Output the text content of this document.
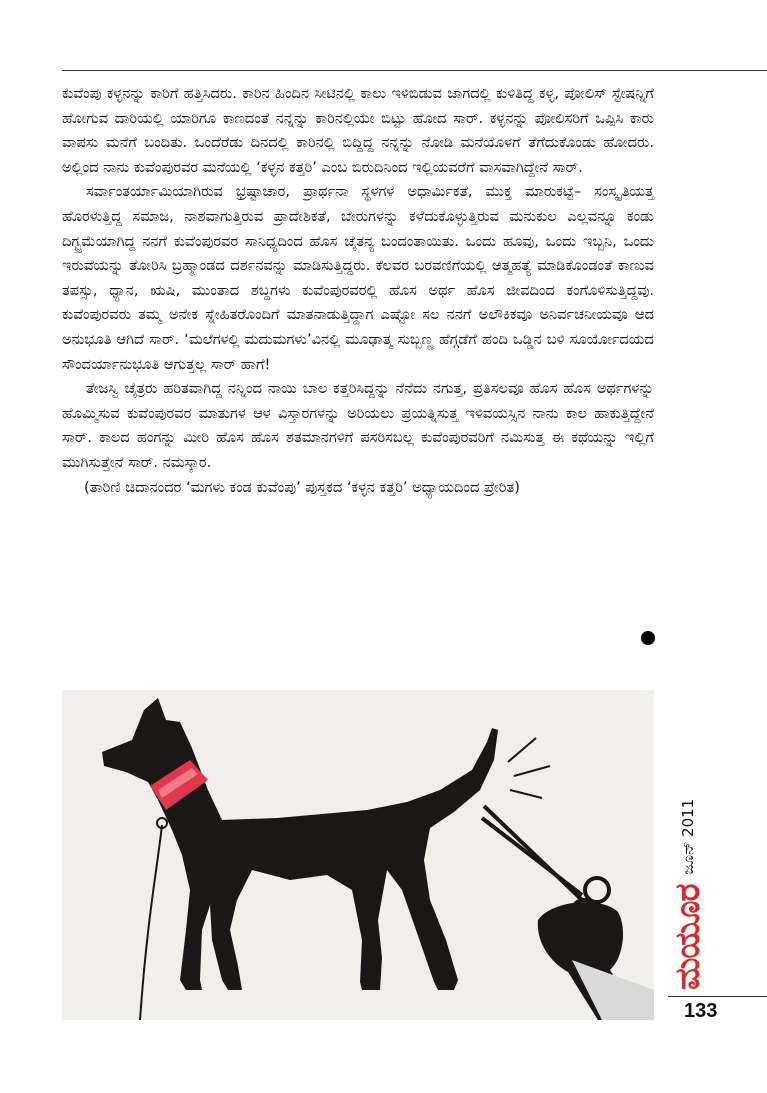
ಕುವೆಂಪು ಕಳ್ಳನನ್ನು ಕಾರಿಗೆ ಹತ್ತಿಸಿದರು. ಕಾರಿನ ಹಿಂದಿನ ಸೀಟಿನಲ್ಲಿ ಕಾಲು ಇಳಿಬಿಡುವ ಜಾಗದಲ್ಲಿ ಕುಳಿತಿದ್ದ ಕಳ್ಳ, ಪೋಲಿಸ್ ಸ್ಟೇಷನ್ನಿಗೆ ಹೋಗುವ ದಾರಿಯಲ್ಲಿ ಯಾರಿಗೂ ಕಾಣದಂತೆ ನನ್ನನ್ನು ಕಾರಿನಲ್ಲಿಯೇ ಬಿಟ್ಟು ಹೋದ ಸಾರ್. ಕಳ್ಳನನ್ನು ಪೋಲಿಸರಿಗೆ ಒಪ್ಪಿಸಿ ಕಾರು ವಾಪಸು ಮನೆಗೆ ಬಂದಿತು. ಒಂದೆರೆಡು ದಿನದಲ್ಲಿ ಕಾರಿನಲ್ಲಿ ಬಿದ್ದಿದ್ದ ನನ್ನನ್ನು ನೋಡಿ ಮನೆಯೊಳಗೆ ತೆಗೆದುಕೊಂಡು ಹೋದರು. ಅಲ್ಲಿಂದ ನಾನು ಕುವೆಂಪುರವರ ಮನೆಯಲ್ಲಿ ‘ಕಳ್ಳನ ಕತ್ತರಿ’ ಎಂಬ ಬಿರುದಿನಿಂದ ಇಲ್ಲಿಯವರೆಗೆ ವಾಸವಾಗಿದ್ದೇನೆ ಸಾರ್.

ಸರ್ವಾಂತರ್ಯಾಮಿಯಾಗಿರುವ ಭ್ರಷ್ಟಾಚಾರ, ಪ್ರಾರ್ಥನಾ ಸ್ಥಳಗಳ ಅಧಾರ್ಮಿಕತೆ, ಮುಕ್ತ ಮಾರುಕಟ್ಟೆ– ಸಂಸ್ಕೃತಿಯತ್ತ ಹೊರಳುತ್ತಿದ್ದ ಸಮಾಜ, ನಾಶವಾಗುತ್ತಿರುವ ಪ್ರಾದೇಶಿಕತೆ, ಬೇರುಗಳನ್ನು ಕಳೆದುಕೊಳ್ಳುತ್ತಿರುವ ಮನುಕುಲ ಎಲ್ಲವನ್ನೂ ಕಂಡು ದಿಗ್ಭ್ರಮೆಯಾಗಿದ್ದ ನನಗೆ ಕುವೆಂಪುರವರ ಸಾನಿಧ್ಯದಿಂದ ಹೊಸ ಚೈತನ್ಯ ಬಂದಂತಾಯಿತು. ಒಂದು ಹೂವು, ಒಂದು ಇಬ್ಬನಿ, ಒಂದು ಇರುವೆಯನ್ನು ತೋರಿಸಿ ಬ್ರಹ್ಮಾಂಡದ ದರ್ಶನವನ್ನು ಮಾಡಿಸುತ್ತಿದ್ದರು. ಕೆಲವರ ಬರವಣಿಗೆಯಲ್ಲಿ ಆತ್ಮಹತ್ಯೆ ಮಾಡಿಕೊಂಡಂತೆ ಕಾಣುವ ತಪಸ್ಸು, ಧ್ಯಾನ, ಋಷಿ, ಮುಂತಾದ ಶಬ್ದಗಳು ಕುವೆಂಪುರವರಲ್ಲಿ ಹೊಸ ಅರ್ಥ ಹೊಸ ಜೀವದಿಂದ ಕಂಗೊಳಿಸುತ್ತಿದ್ದವು. ಕುವೆಂಪುರವರು ತಮ್ಮ ಅನೇಕ ಸ್ನೇಹಿತರೊಂದಿಗೆ ಮಾತನಾಡುತ್ತಿದ್ದಾಗ ಎಷ್ಟೋ ಸಲ ನನಗೆ ಅಲೌಕಿಕವೂ ಅನಿರ್ವಚನೀಯವೂ ಆದ ಅನುಭೂತಿ ಆಗಿದೆ ಸಾರ್. ‘ಮಲೆಗಳಲ್ಲಿ ಮದುಮಗಳು’ವಿನಲ್ಲಿ ಮೂಢಾತ್ಮ ಸುಬ್ಬಣ್ಣ ಹೆಗ್ಗಡೆಗೆ ಹಂದಿ ಒಡ್ಡಿನ ಬಳಿ ಸೂರ್ಯೋದಯದ ಸೌಂದರ್ಯಾನುಭೂತಿ ಆಗುತ್ತಲ್ಲ ಸಾರ್ ಹಾಗೆ!

ತೇಜಸ್ವಿ ಚೈತ್ರರು ಹರಿತವಾಗಿದ್ದ ನನ್ನಿಂದ ನಾಯಿ ಬಾಲ ಕತ್ತರಿಸಿದ್ದನ್ನು ನೆನೆದು ನಗುತ್ತ, ಪ್ರತಿಸಲವೂ ಹೊಸ ಹೊಸ ಅರ್ಥಗಳನ್ನು ಹೊಮ್ಮಿಸುವ ಕುವೆಂಪುರವರ ಮಾತುಗಳ ಆಳ ವಿಸ್ತಾರಗಳನ್ನು ಅರಿಯಲು ಪ್ರಯತ್ನಿಸುತ್ತ ಇಳಿವಯಸ್ಸಿನ ನಾನು ಕಾಲ ಹಾಕುತ್ತಿದ್ದೇನೆ ಸಾರ್. ಕಾಲದ ಹಂಗನ್ನು ಮೀರಿ ಹೊಸ ಹೊಸ ಶತಮಾನಗಳಿಗೆ ಪಸರಿಸಬಲ್ಲ ಕುವೆಂಪುರವರಿಗೆ ನಮಿಸುತ್ತ ಈ ಕಥೆಯನ್ನು ಇಲ್ಲಿಗೆ ಮುಗಿಸುತ್ತೇನೆ ಸಾರ್. ನಮಸ್ಕಾರ.

(ತಾರಿಣಿ ಚಿದಾನಂದರ ‘ಮಗಳು ಕಂಡ ಕುವೆಂಪು’ ಪುಸ್ತಕದ ‘ಕಳ್ಳನ ಕತ್ತರಿ’ ಅಧ್ಯಾಯದಿಂದ ಪ್ರೇರಿತ)

ಮಯೂರ
ಜೂನ್ 2011
133
